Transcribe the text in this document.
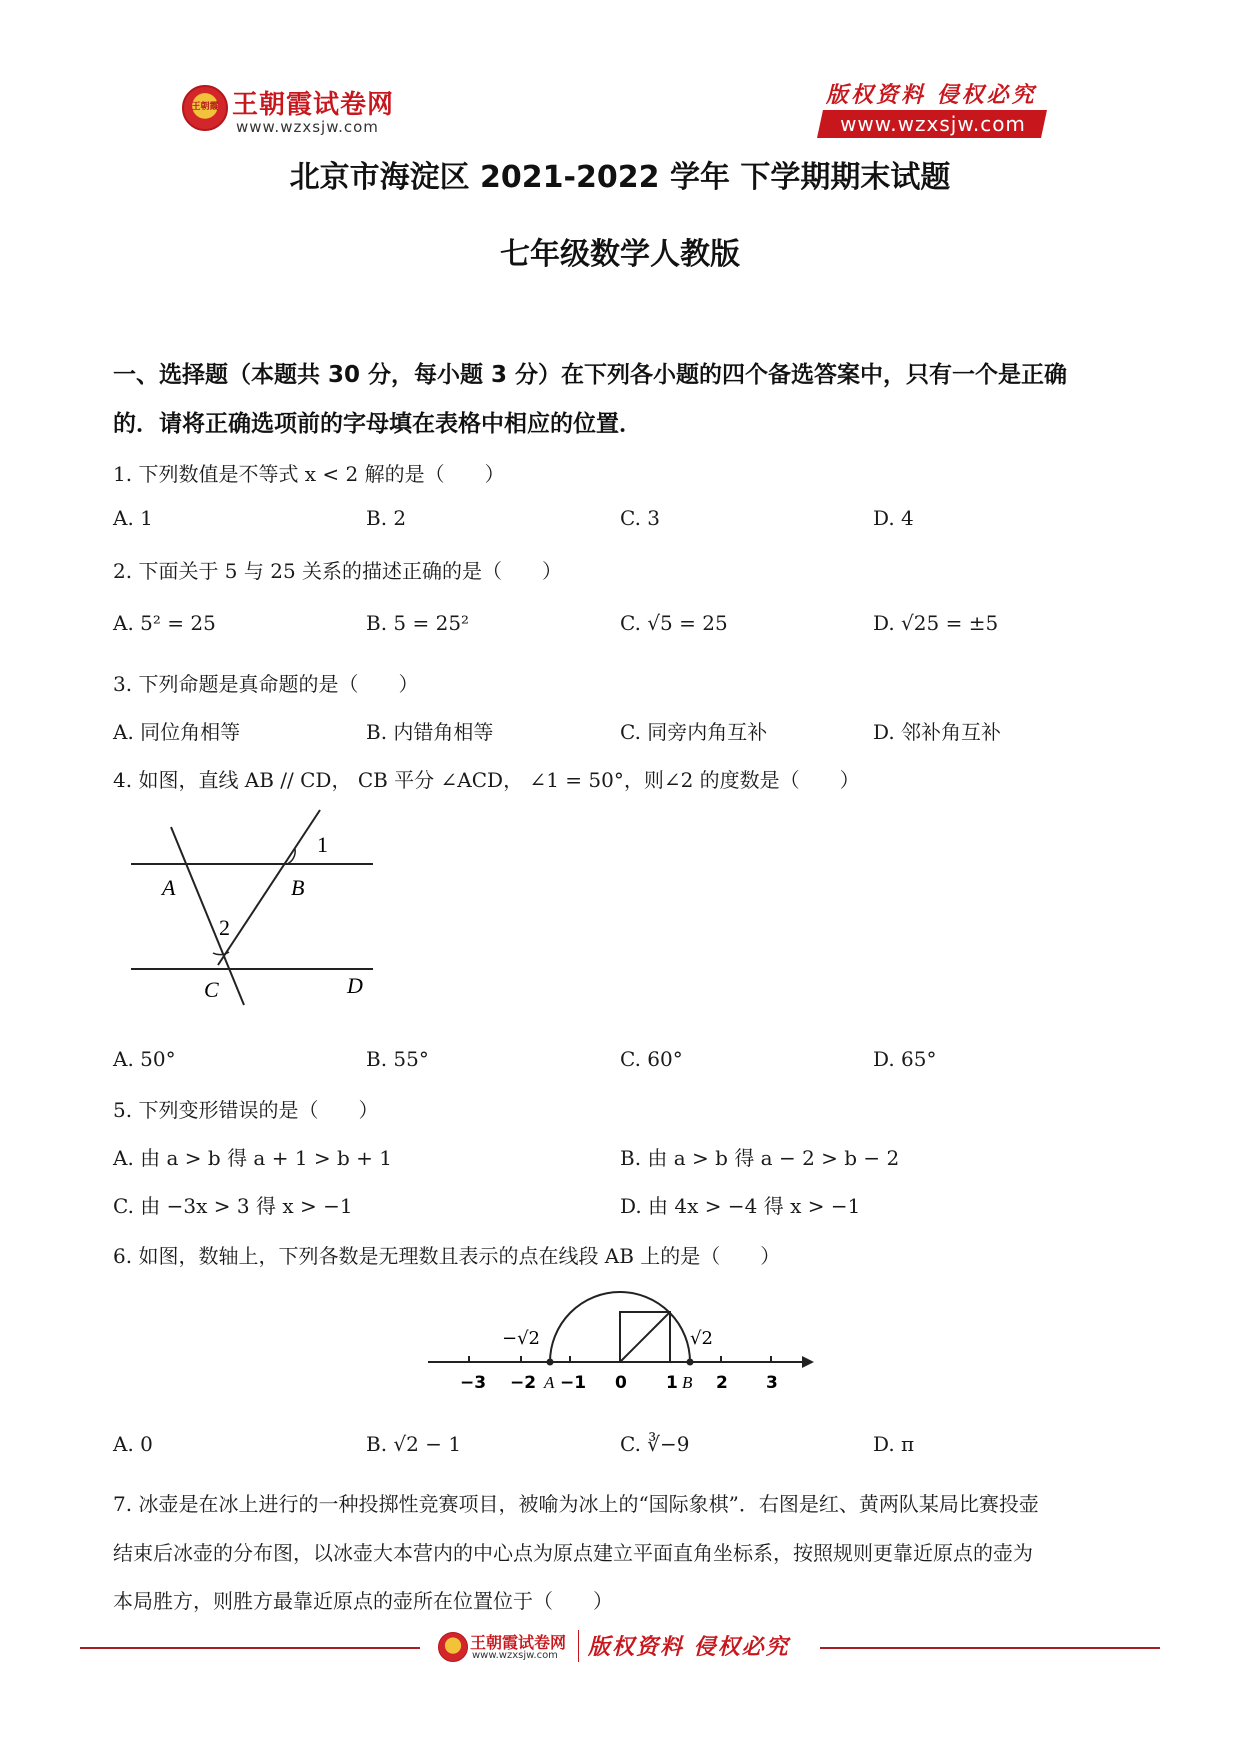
王朝霞 王朝霞试卷网
www.wzxsjw.com
版权资料 侵权必究
www.wzxsjw.com
北京市海淀区 2021-2022 学年 下学期期末试题
七年级数学人教版
一、选择题（本题共 30 分，每小题 3 分）在下列各小题的四个备选答案中，只有一个是正确
的．请将正确选项前的字母填在表格中相应的位置．
1. 下列数值是不等式 x < 2 解的是（　　）
A. 1	B. 2	C. 3	D. 4
2. 下面关于 5 与 25 关系的描述正确的是（　　）
A. 5² = 25	B. 5 = 25²	C. √5 = 25	D. √25 = ±5
3. 下列命题是真命题的是（　　）
A. 同位角相等	B. 内错角相等	C. 同旁内角互补	D. 邻补角互补
4. 如图，直线 AB // CD， CB 平分 ∠ACD， ∠1 = 50°，则∠2 的度数是（　　）
1
A	B
2
C	D
A. 50°	B. 55°	C. 60°	D. 65°
5. 下列变形错误的是（　　）
A. 由 a > b 得 a + 1 > b + 1	B. 由 a > b 得 a − 2 > b − 2
C. 由 −3x > 3 得 x > −1	D. 由 4x > −4 得 x > −1
6. 如图，数轴上，下列各数是无理数且表示的点在线段 AB 上的是（　　）
−√2	√2
−3 −2 A −1 0 1 B 2 3
A. 0	B. √2 − 1	C. ∛−9	D. π
7. 冰壶是在冰上进行的一种投掷性竞赛项目，被喻为冰上的“国际象棋”．右图是红、黄两队某局比赛投壶
结束后冰壶的分布图，以冰壶大本营内的中心点为原点建立平面直角坐标系，按照规则更靠近原点的壶为
本局胜方，则胜方最靠近原点的壶所在位置位于（　　）
王朝霞试卷网
www.wzxsjw.com 版权资料 侵权必究
